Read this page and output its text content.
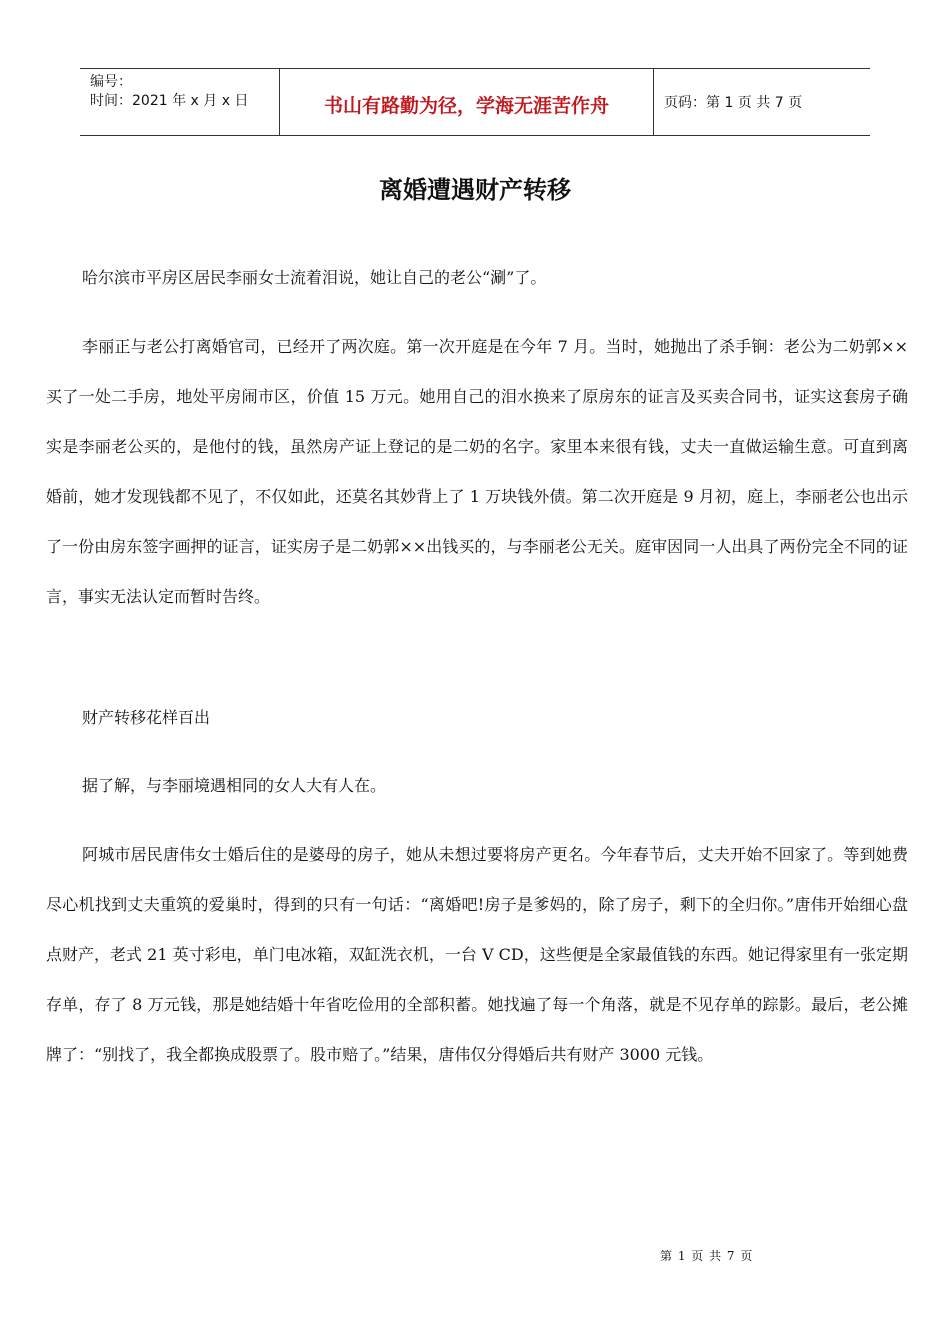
编号：
时间：2021 年 x 月 x 日	书山有路勤为径，学海无涯苦作舟	页码：第 1 页 共 7 页
离婚遭遇财产转移

哈尔滨市平房区居民李丽女士流着泪说，她让自己的老公“涮”了。

李丽正与老公打离婚官司，已经开了两次庭。第一次开庭是在今年 7 月。当时，她抛出了杀手锏：老公为二奶郭××买了一处二手房，地处平房闹市区，价值 15 万元。她用自己的泪水换来了原房东的证言及买卖合同书，证实这套房子确实是李丽老公买的，是他付的钱，虽然房产证上登记的是二奶的名字。家里本来很有钱，丈夫一直做运输生意。可直到离婚前，她才发现钱都不见了，不仅如此，还莫名其妙背上了 1 万块钱外债。第二次开庭是 9 月初，庭上，李丽老公也出示了一份由房东签字画押的证言，证实房子是二奶郭××出钱买的，与李丽老公无关。庭审因同一人出具了两份完全不同的证言，事实无法认定而暂时告终。

财产转移花样百出

据了解，与李丽境遇相同的女人大有人在。

阿城市居民唐伟女士婚后住的是婆母的房子，她从未想过要将房产更名。今年春节后，丈夫开始不回家了。等到她费尽心机找到丈夫重筑的爱巢时，得到的只有一句话：“离婚吧!房子是爹妈的，除了房子，剩下的全归你。”唐伟开始细心盘点财产，老式 21 英寸彩电，单门电冰箱，双缸洗衣机，一台 V CD，这些便是全家最值钱的东西。她记得家里有一张定期存单，存了 8 万元钱，那是她结婚十年省吃俭用的全部积蓄。她找遍了每一个角落，就是不见存单的踪影。最后，老公摊牌了：“别找了，我全都换成股票了。股市赔了。”结果，唐伟仅分得婚后共有财产 3000 元钱。

第 1 页 共 7 页
